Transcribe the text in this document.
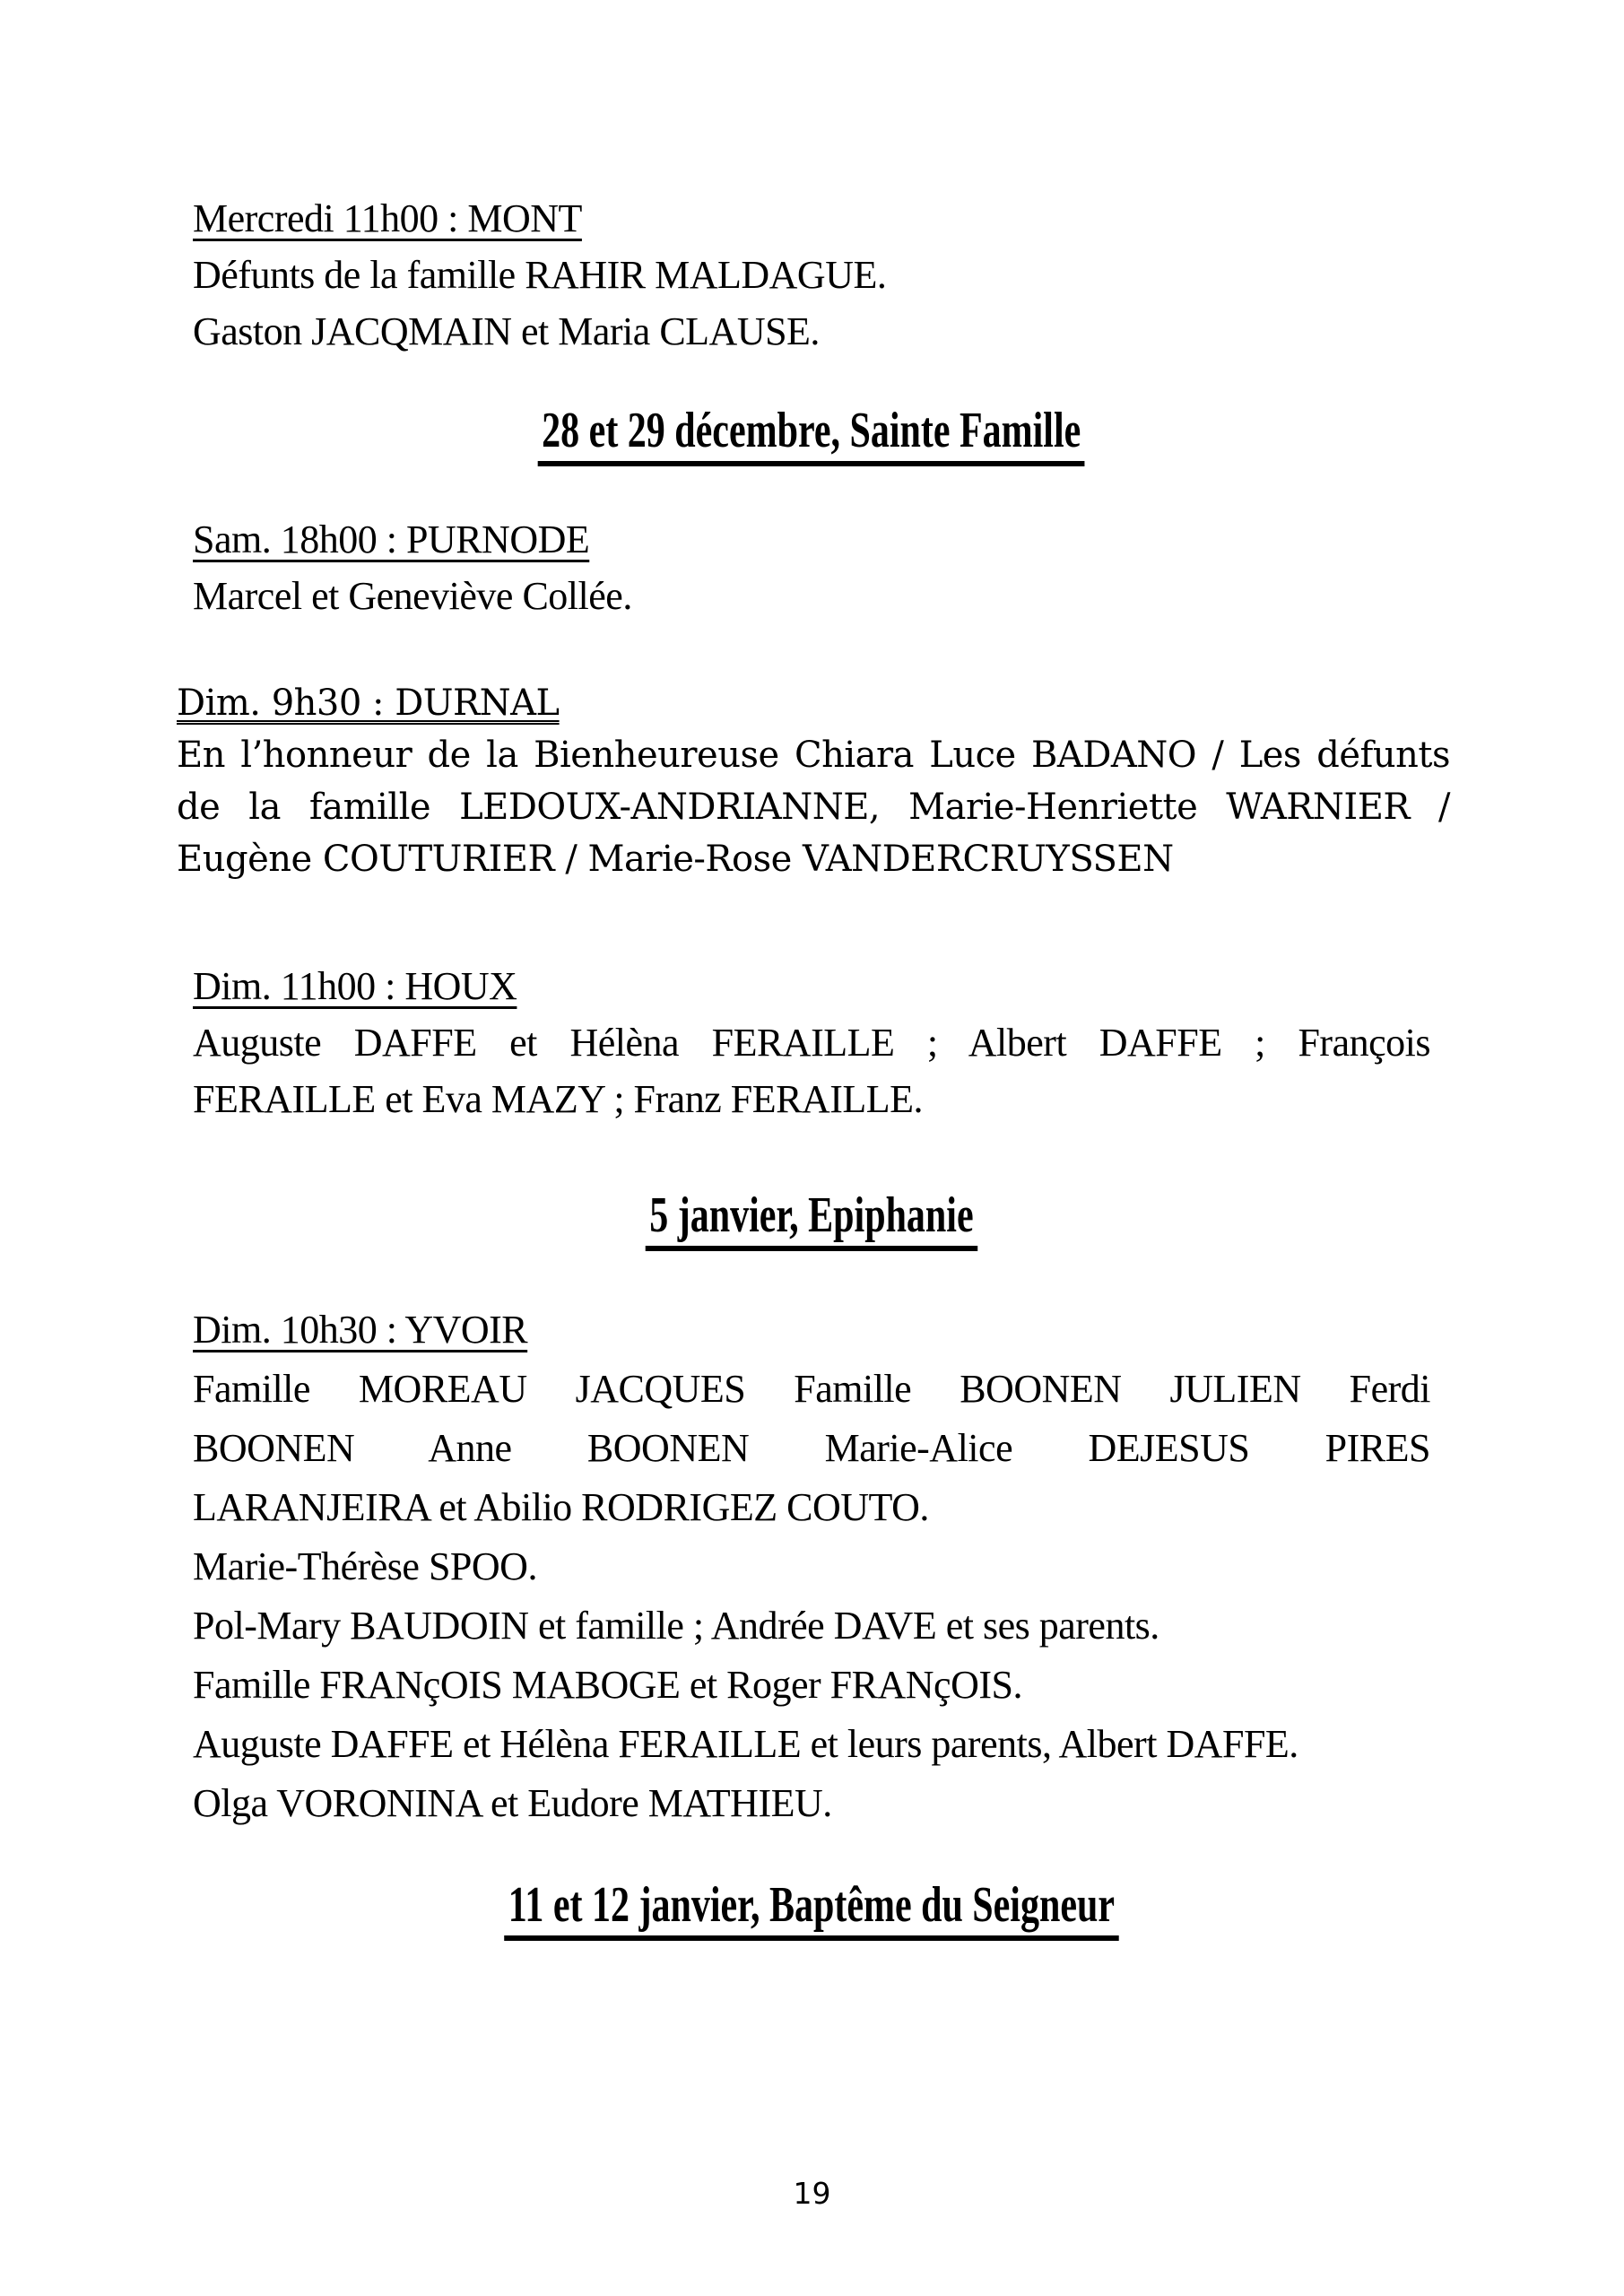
Mercredi 11h00 : MONT
Défunts de la famille RAHIR MALDAGUE.
Gaston JACQMAIN et Maria CLAUSE.
28 et 29 décembre, Sainte Famille
Sam. 18h00 : PURNODE
Marcel et Geneviève Collée.
Dim. 9h30 : DURNAL
En l’honneur de la Bienheureuse Chiara Luce BADANO / Les défunts
de la famille LEDOUX-ANDRIANNE, Marie-Henriette WARNIER /
Eugène COUTURIER / Marie-Rose VANDERCRUYSSEN
Dim. 11h00 : HOUX
Auguste DAFFE et Hélèna FERAILLE ; Albert DAFFE ; François
FERAILLE et Eva MAZY ; Franz FERAILLE.
5 janvier, Epiphanie
Dim. 10h30 : YVOIR
Famille MOREAU JACQUES Famille BOONEN JULIEN Ferdi
BOONEN Anne BOONEN Marie-Alice DEJESUS PIRES
LARANJEIRA et Abilio RODRIGEZ COUTO.
Marie-Thérèse SPOO.
Pol-Mary BAUDOIN et famille ; Andrée DAVE et ses parents.
Famille FRANçOIS MABOGE et Roger FRANçOIS.
Auguste DAFFE et Hélèna FERAILLE et leurs parents, Albert DAFFE.
Olga VORONINA et Eudore MATHIEU.
11 et 12 janvier, Baptême du Seigneur
19
